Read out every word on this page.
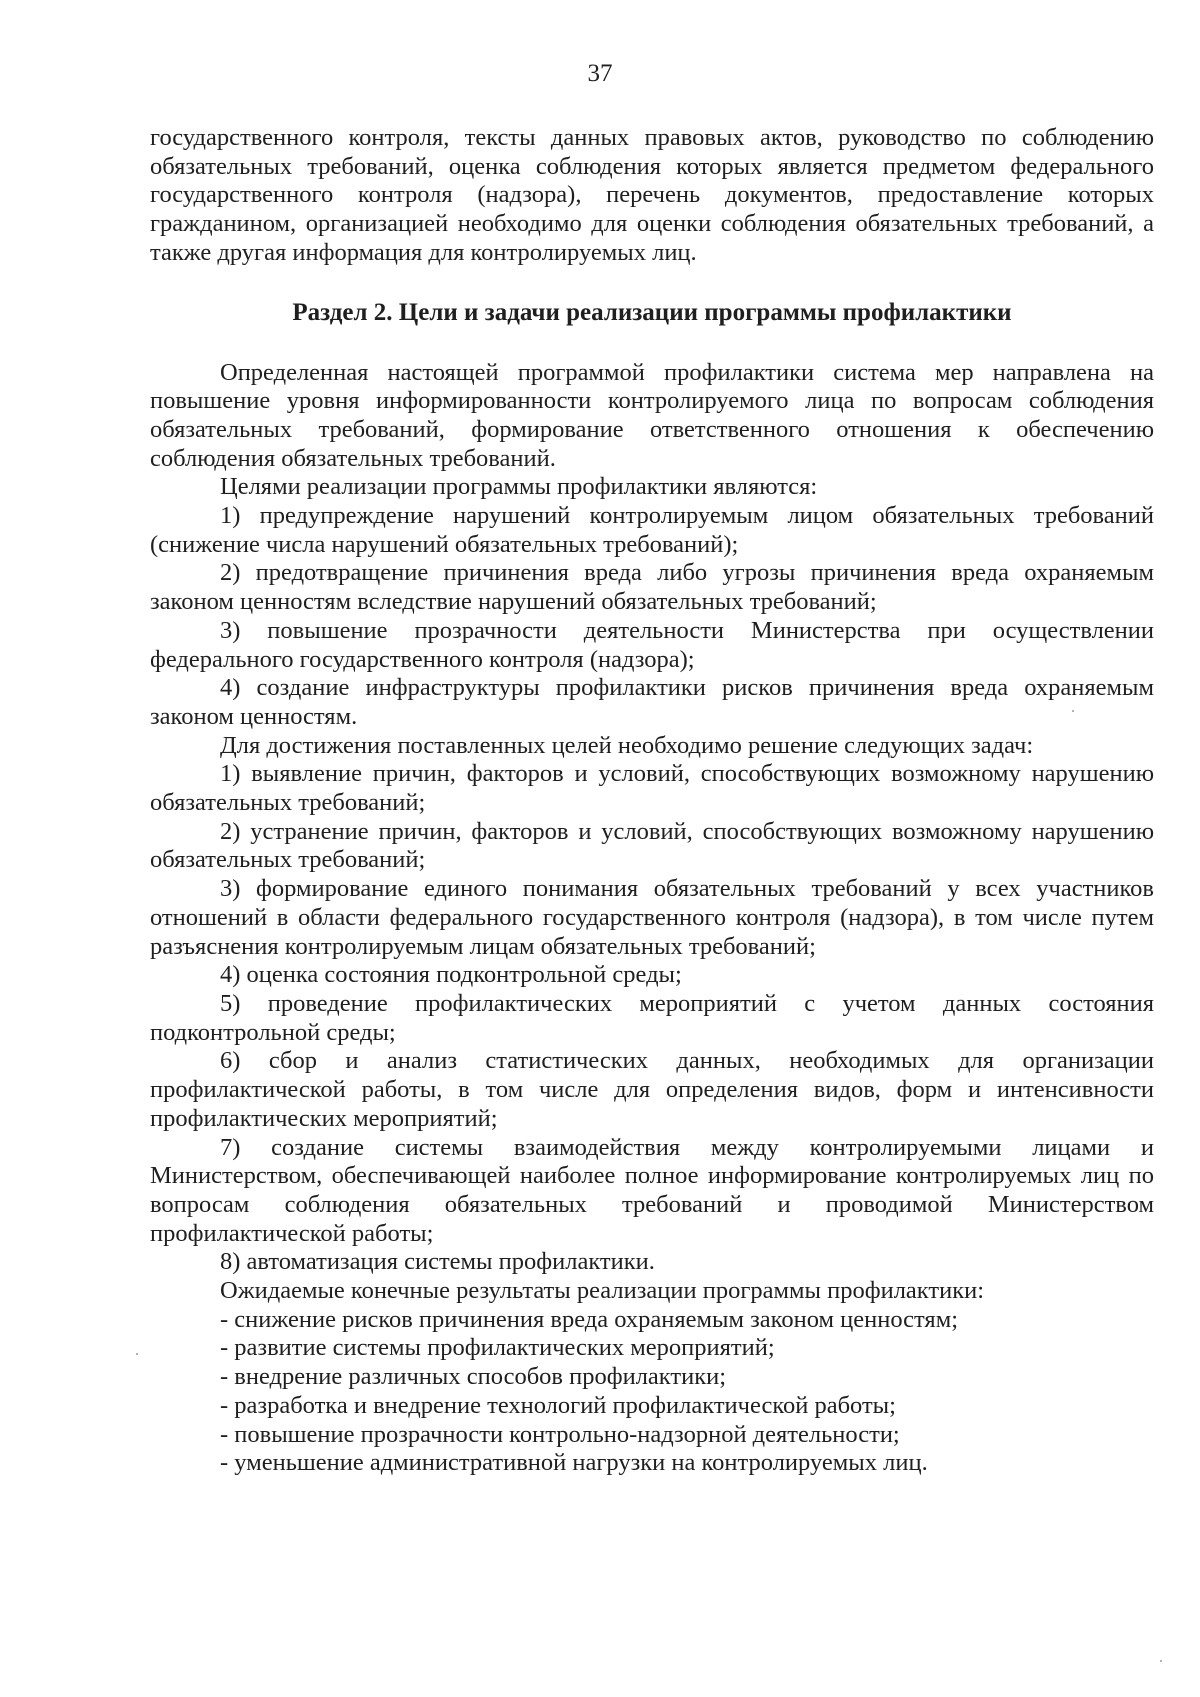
37

государственного контроля, тексты данных правовых актов, руководство по соблюдению обязательных требований, оценка соблюдения которых является предметом федерального государственного контроля (надзора), перечень документов, предоставление которых гражданином, организацией необходимо для оценки соблюдения обязательных требований, а также другая информация для контролируемых лиц.

Раздел 2. Цели и задачи реализации программы профилактики

Определенная настоящей программой профилактики система мер направлена на повышение уровня информированности контролируемого лица по вопросам соблюдения обязательных требований, формирование ответственного отношения к обеспечению соблюдения обязательных требований.

Целями реализации программы профилактики являются:

1) предупреждение нарушений контролируемым лицом обязательных требований (снижение числа нарушений обязательных требований);

2) предотвращение причинения вреда либо угрозы причинения вреда охраняемым законом ценностям вследствие нарушений обязательных требований;

3) повышение прозрачности деятельности Министерства при осуществлении федерального государственного контроля (надзора);

4) создание инфраструктуры профилактики рисков причинения вреда охраняемым законом ценностям.

Для достижения поставленных целей необходимо решение следующих задач:

1) выявление причин, факторов и условий, способствующих возможному нарушению обязательных требований;

2) устранение причин, факторов и условий, способствующих возможному нарушению обязательных требований;

3) формирование единого понимания обязательных требований у всех участников отношений в области федерального государственного контроля (надзора), в том числе путем разъяснения контролируемым лицам обязательных требований;

4) оценка состояния подконтрольной среды;

5) проведение профилактических мероприятий с учетом данных состояния подконтрольной среды;

6) сбор и анализ статистических данных, необходимых для организации профилактической работы, в том числе для определения видов, форм и интенсивности профилактических мероприятий;

7) создание системы взаимодействия между контролируемыми лицами и Министерством, обеспечивающей наиболее полное информирование контролируемых лиц по вопросам соблюдения обязательных требований и проводимой Министерством профилактической работы;

8) автоматизация системы профилактики.

Ожидаемые конечные результаты реализации программы профилактики:

- снижение рисков причинения вреда охраняемым законом ценностям;

- развитие системы профилактических мероприятий;

- внедрение различных способов профилактики;

- разработка и внедрение технологий профилактической работы;

- повышение прозрачности контрольно-надзорной деятельности;

- уменьшение административной нагрузки на контролируемых лиц.
